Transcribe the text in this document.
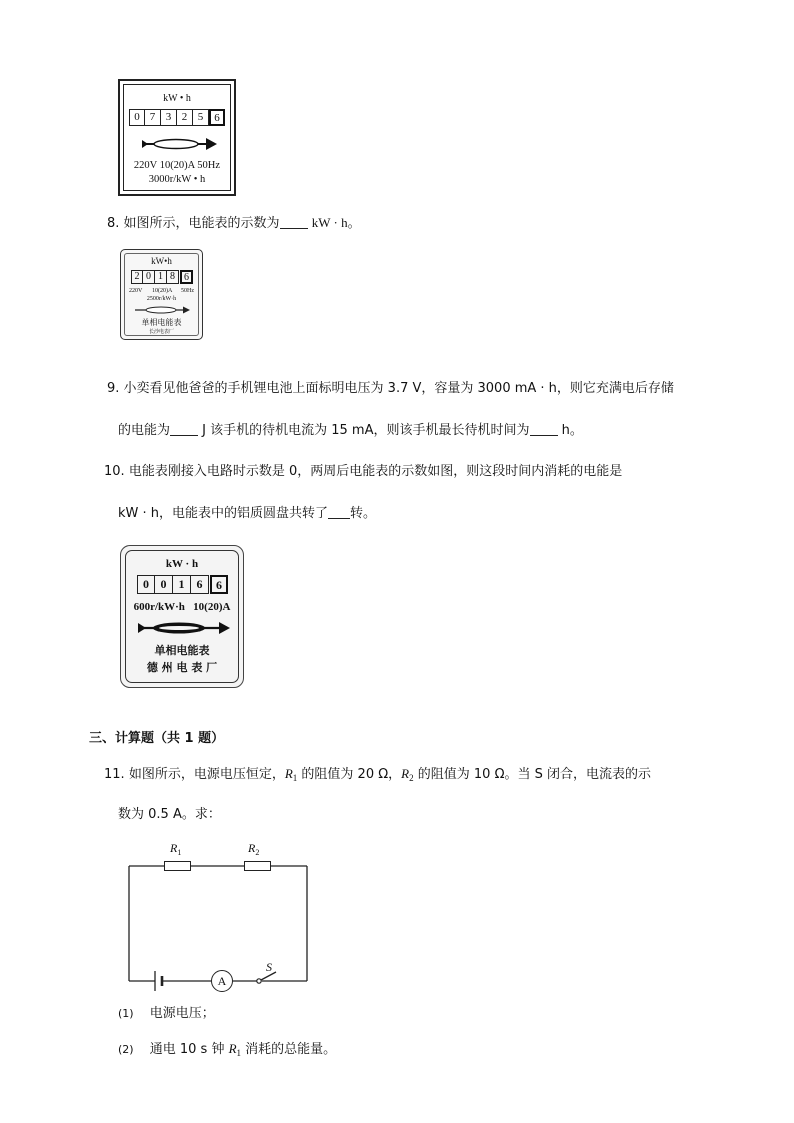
kW • h
0 7 3 2 5	6
220V 10(20)A 50Hz
3000r/kW • h
8. 如图所示，电能表的示数为 kW · h。
kW•h
2 0 1 8 6
220V 10(20)A 50Hz
2500r/kW·h
单相电能表
长沙电表厂
9. 小奕看见他爸爸的手机锂电池上面标明电压为 3.7 V，容量为 3000 mA · h，则它充满电后存储
的电能为 J 该手机的待机电流为 15 mA，则该手机最长待机时间为 h。
10. 电能表刚接入电路时示数是 0，两周后电能表的示数如图，则这段时间内消耗的电能是
kW · h，电能表中的铝质圆盘共转了 转。
kW · h
0 0	1	6	6
600r/kW·h   10(20)A
单相电能表
德 州 电 表 厂
三、计算题（共 1 题）
11. 如图所示，电源电压恒定，$R_1$ 的阻值为 20 Ω，$R_2$ 的阻值为 10 Ω。当 S 闭合，电流表的示
数为 0.5 A。求：
$R_1$	$R_2$
A
S
(1) 电源电压；
(2) 通电 10 s 钟 $R_1$ 消耗的总能量。
